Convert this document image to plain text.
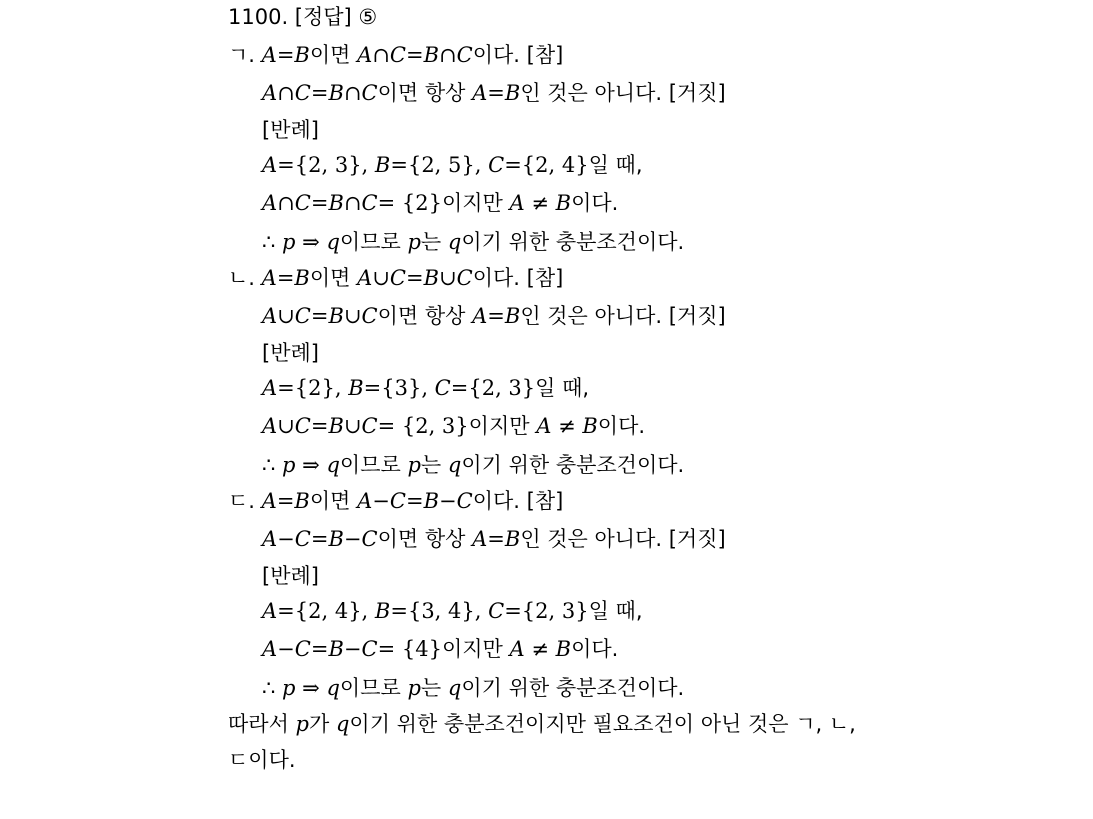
1100. [정답] ⑤
ㄱ. A=B이면 A∩C=B∩C이다. [참]
A∩C=B∩C이면 항상 A=B인 것은 아니다. [거짓]
[반례]
A={2, 3}, B={2, 5}, C={2, 4}일 때,
A∩C=B∩C= {2}이지만 A ≠ B이다.
∴ p ⇒ q이므로 p는 q이기 위한 충분조건이다.
ㄴ. A=B이면 A∪C=B∪C이다. [참]
A∪C=B∪C이면 항상 A=B인 것은 아니다. [거짓]
[반례]
A={2}, B={3}, C={2, 3}일 때,
A∪C=B∪C= {2, 3}이지만 A ≠ B이다.
∴ p ⇒ q이므로 p는 q이기 위한 충분조건이다.
ㄷ. A=B이면 A−C=B−C이다. [참]
A−C=B−C이면 항상 A=B인 것은 아니다. [거짓]
[반례]
A={2, 4}, B={3, 4}, C={2, 3}일 때,
A−C=B−C= {4}이지만 A ≠ B이다.
∴ p ⇒ q이므로 p는 q이기 위한 충분조건이다.
따라서 p가 q이기 위한 충분조건이지만 필요조건이 아닌 것은 ㄱ, ㄴ,
ㄷ이다.
